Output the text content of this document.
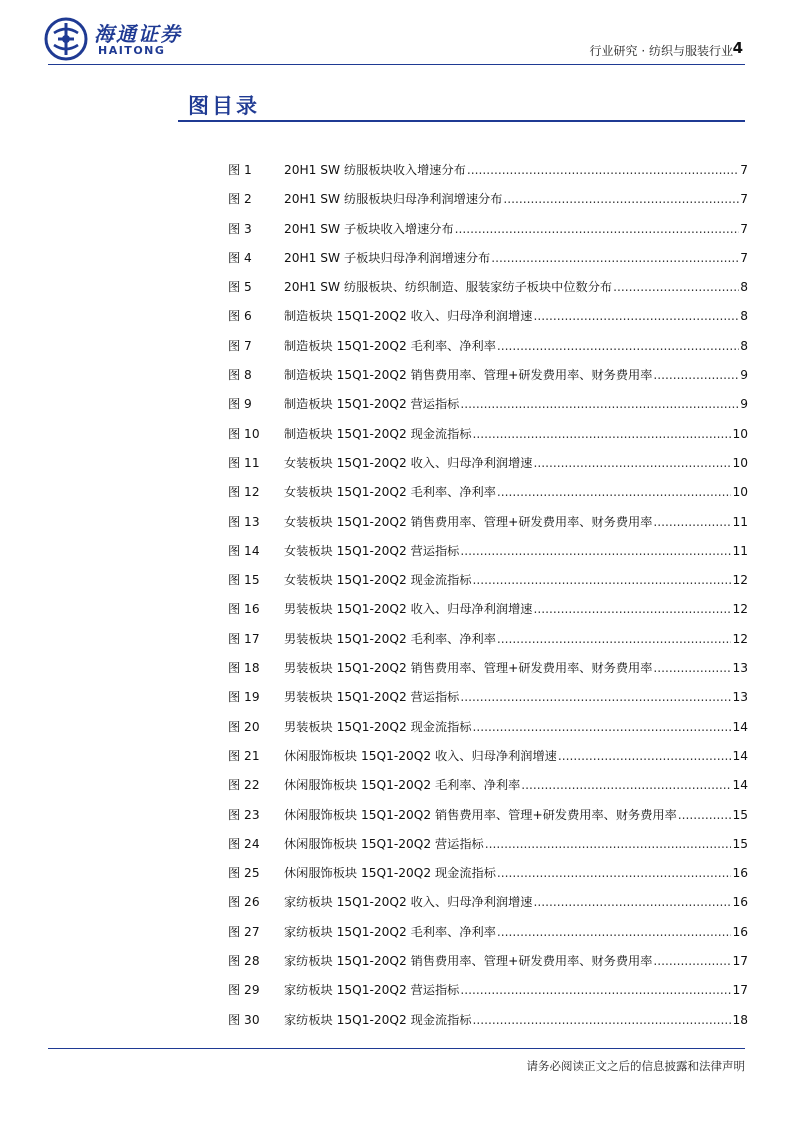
海通证券
HAITONG	行业研究 · 纺织与服装行业 4
图目录
图 1	20H1 SW 纺服板块收入增速分布 .....	7
图 2	20H1 SW 纺服板块归母净利润增速分布 .....	7
图 3	20H1 SW 子板块收入增速分布 .....	7
图 4	20H1 SW 子板块归母净利润增速分布 .....	7
图 5	20H1 SW 纺服板块、纺织制造、服装家纺子板块中位数分布 .....	8
图 6	制造板块 15Q1-20Q2 收入、归母净利润增速 .....	8
图 7	制造板块 15Q1-20Q2 毛利率、净利率 .....	8
图 8	制造板块 15Q1-20Q2 销售费用率、管理+研发费用率、财务费用率 .....	9
图 9	制造板块 15Q1-20Q2 营运指标 .....	9
图 10	制造板块 15Q1-20Q2 现金流指标 .....	10
图 11	女装板块 15Q1-20Q2 收入、归母净利润增速 .....	10
图 12	女装板块 15Q1-20Q2 毛利率、净利率 .....	10
图 13	女装板块 15Q1-20Q2 销售费用率、管理+研发费用率、财务费用率 .....	11
图 14	女装板块 15Q1-20Q2 营运指标 .....	11
图 15	女装板块 15Q1-20Q2 现金流指标 .....	12
图 16	男装板块 15Q1-20Q2 收入、归母净利润增速 .....	12
图 17	男装板块 15Q1-20Q2 毛利率、净利率 .....	12
图 18	男装板块 15Q1-20Q2 销售费用率、管理+研发费用率、财务费用率 .....	13
图 19	男装板块 15Q1-20Q2 营运指标 .....	13
图 20	男装板块 15Q1-20Q2 现金流指标 .....	14
图 21	休闲服饰板块 15Q1-20Q2 收入、归母净利润增速 .....	14
图 22	休闲服饰板块 15Q1-20Q2 毛利率、净利率 .....	14
图 23	休闲服饰板块 15Q1-20Q2 销售费用率、管理+研发费用率、财务费用率 .....	15
图 24	休闲服饰板块 15Q1-20Q2 营运指标 .....	15
图 25	休闲服饰板块 15Q1-20Q2 现金流指标 .....	16
图 26	家纺板块 15Q1-20Q2 收入、归母净利润增速 .....	16
图 27	家纺板块 15Q1-20Q2 毛利率、净利率 .....	16
图 28	家纺板块 15Q1-20Q2 销售费用率、管理+研发费用率、财务费用率 .....	17
图 29	家纺板块 15Q1-20Q2 营运指标 .....	17
图 30	家纺板块 15Q1-20Q2 现金流指标 .....	18
请务必阅读正文之后的信息披露和法律声明
